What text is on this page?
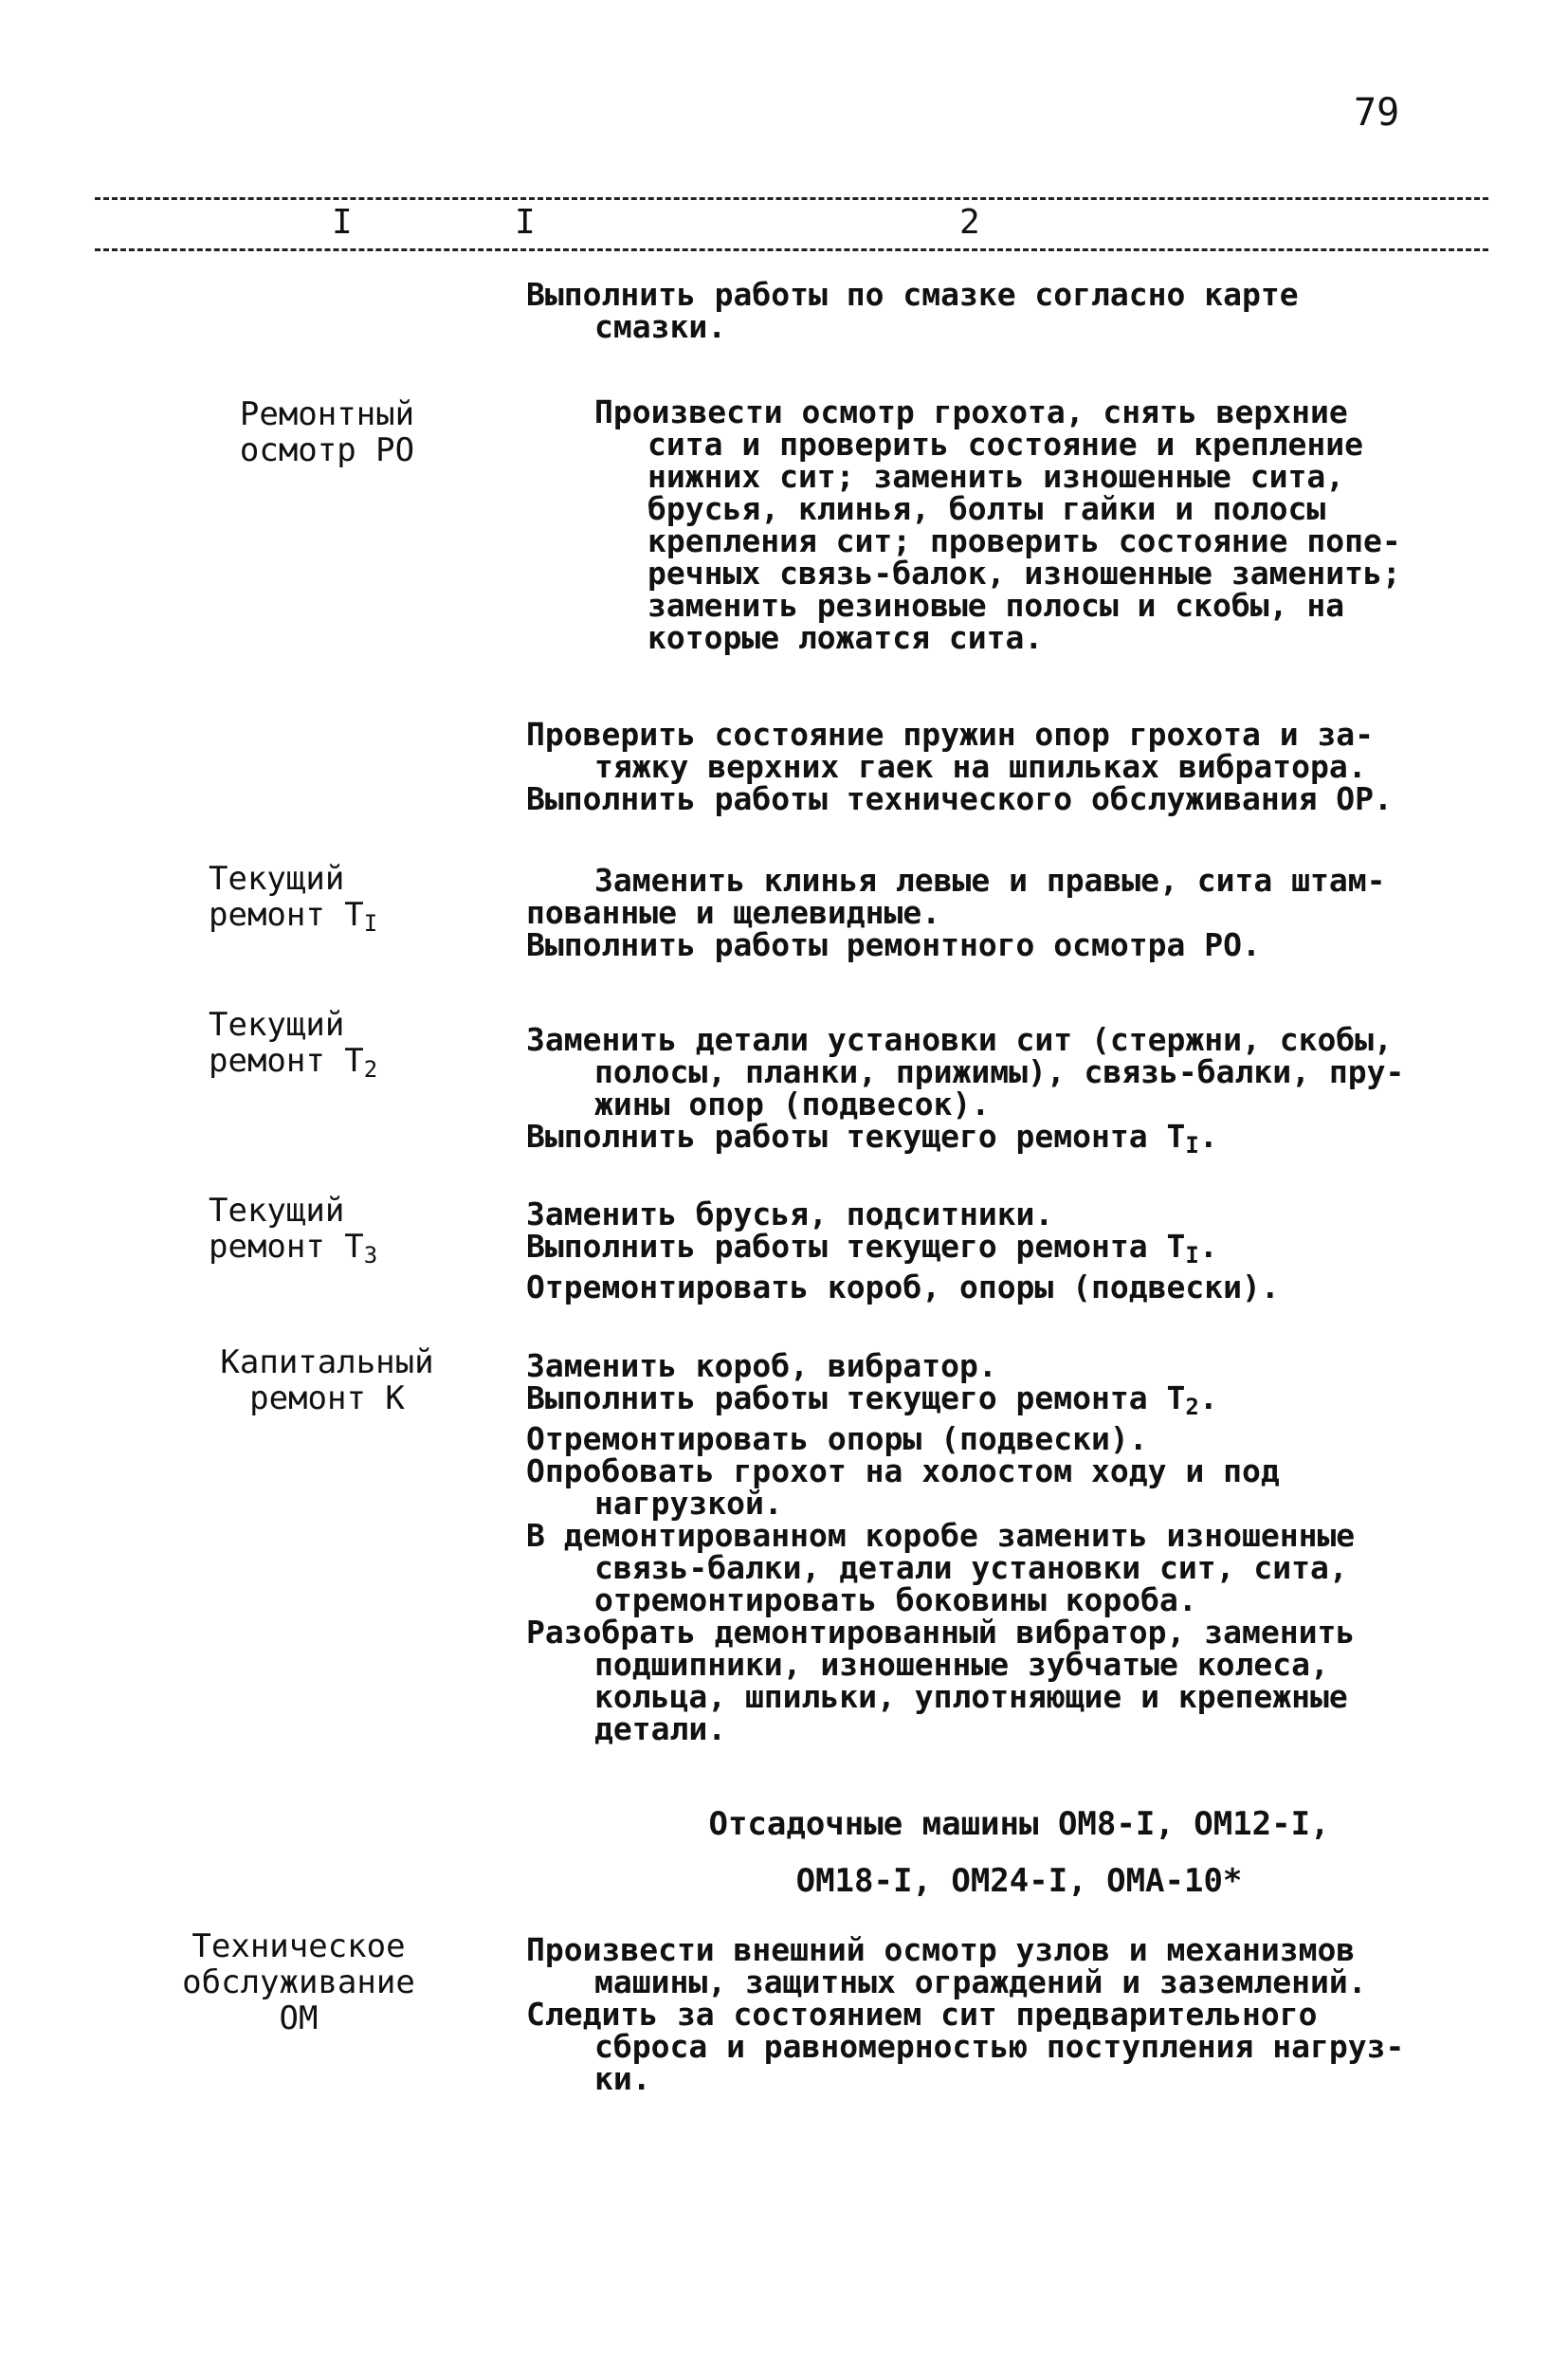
79
I	I	2
Выполнить работы по смазке согласно карте
смазки.
Ремонтный
осмотр РО
Произвести осмотр грохота, снять верхние
сита и проверить состояние и крепление
нижних сит; заменить изношенные сита,
брусья, клинья, болты гайки и полосы
крепления сит; проверить состояние попе-
речных связь-балок, изношенные заменить;
заменить резиновые полосы и скобы, на
которые ложатся сита.
Проверить состояние пружин опор грохота и за-
тяжку верхних гаек на шпильках вибратора.
Выполнить работы технического обслуживания ОР.
Текущий
ремонт $Т_I$
Заменить клинья левые и правые, сита штам-
пованные и щелевидные.
Выполнить работы ремонтного осмотра РО.
Текущий
ремонт $Т_2$
Заменить детали установки сит (стержни, скобы,
полосы, планки, прижимы), связь-балки, пру-
жины опор (подвесок).
Выполнить работы текущего ремонта $Т_I$.
Текущий
ремонт $Т_3$
Заменить брусья, подситники.
Выполнить работы текущего ремонта $Т_I$.
Отремонтировать короб, опоры (подвески).
Капитальный
ремонт К
Заменить короб, вибратор.
Выполнить работы текущего ремонта $Т_2$.
Отремонтировать опоры (подвески).
Опробовать грохот на холостом ходу и под
нагрузкой.
В демонтированном коробе заменить изношенные
связь-балки, детали установки сит, сита,
отремонтировать боковины короба.
Разобрать демонтированный вибратор, заменить
подшипники, изношенные зубчатые колеса,
кольца, шпильки, уплотняющие и крепежные
детали.
Отсадочные машины ОМ8-I, ОМ12-I,
ОМ18-I, ОМ24-I, ОМА-10*
Техническое
обслуживание
ОМ
Произвести внешний осмотр узлов и механизмов
машины, защитных ограждений и заземлений.
Следить за состоянием сит предварительного
сброса и равномерностью поступления нагруз-
ки.
